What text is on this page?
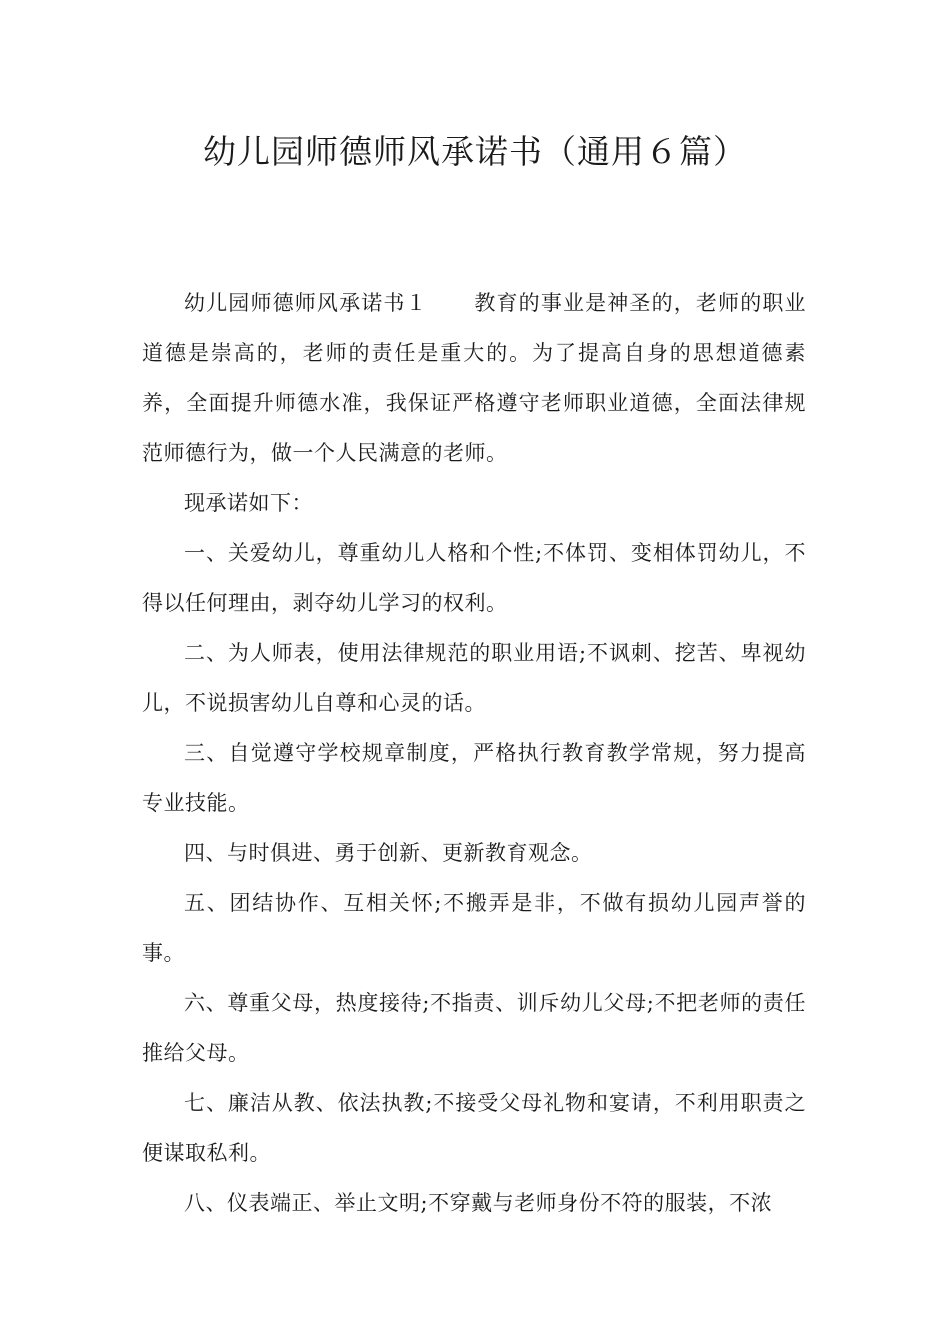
幼儿园师德师风承诺书（通用６篇）

幼儿园师德师风承诺书１ 教育的事业是神圣的，老师的职业道德是崇高的，老师的责任是重大的。为了提高自身的思想道德素养，全面提升师德水准，我保证严格遵守老师职业道德，全面法律规范师德行为，做一个人民满意的老师。

现承诺如下：

一、关爱幼儿，尊重幼儿人格和个性;不体罚、变相体罚幼儿，不得以任何理由，剥夺幼儿学习的权利。

二、为人师表，使用法律规范的职业用语;不讽刺、挖苦、卑视幼儿，不说损害幼儿自尊和心灵的话。

三、自觉遵守学校规章制度，严格执行教育教学常规，努力提高专业技能。

四、与时俱进、勇于创新、更新教育观念。

五、团结协作、互相关怀;不搬弄是非，不做有损幼儿园声誉的事。

六、尊重父母，热度接待;不指责、训斥幼儿父母;不把老师的责任推给父母。

七、廉洁从教、依法执教;不接受父母礼物和宴请，不利用职责之便谋取私利。

八、仪表端正、举止文明;不穿戴与老师身份不符的服装，不浓
